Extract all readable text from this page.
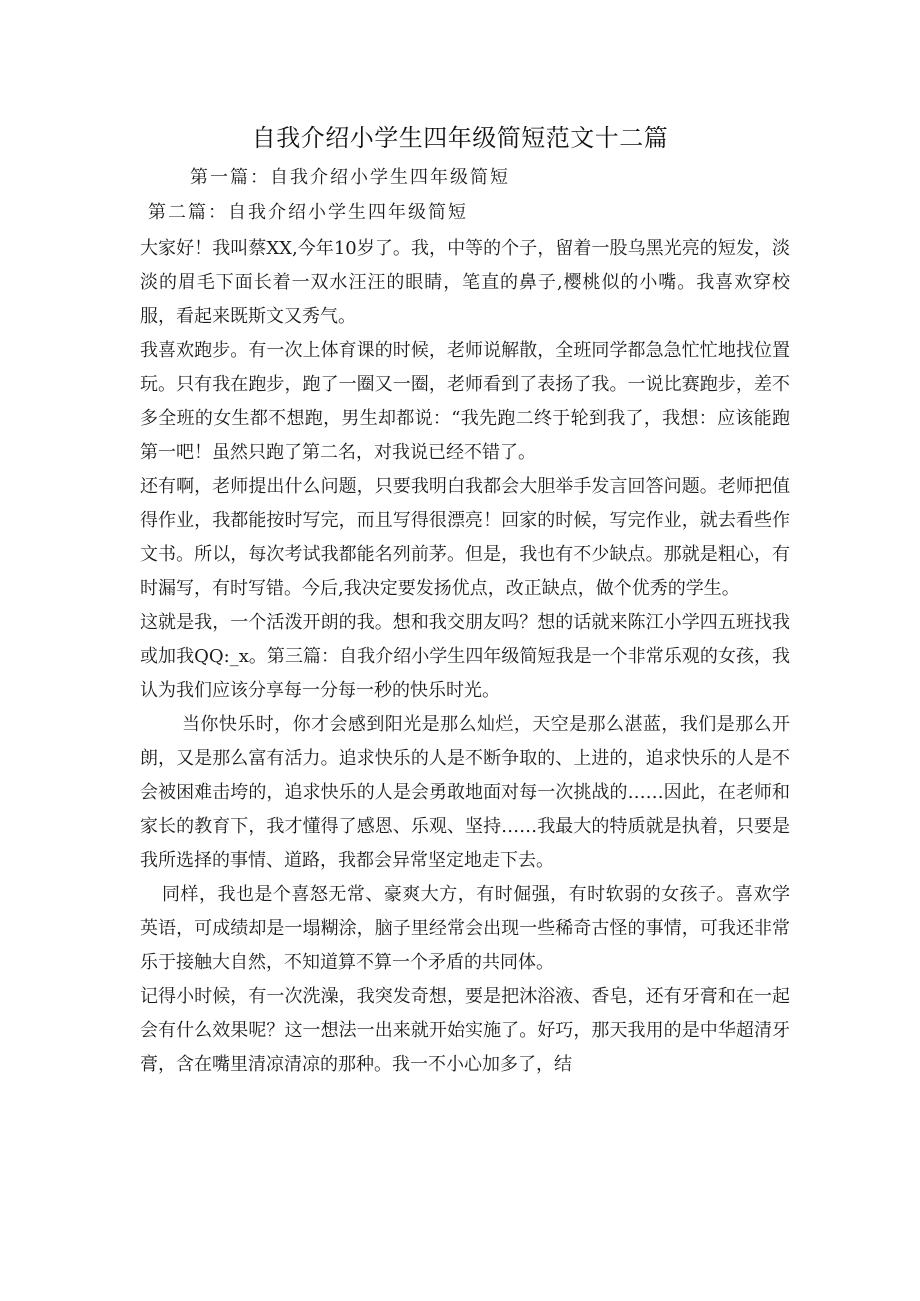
自我介绍小学生四年级简短范文十二篇
第一篇：自我介绍小学生四年级简短
第二篇：自我介绍小学生四年级简短

大家好！我叫蔡XX,今年10岁了。我，中等的个子，留着一股乌黑光亮的短发，淡淡的眉毛下面长着一双水汪汪的眼睛，笔直的鼻子,樱桃似的小嘴。我喜欢穿校服，看起来既斯文又秀气。

我喜欢跑步。有一次上体育课的时候，老师说解散，全班同学都急急忙忙地找位置玩。只有我在跑步，跑了一圈又一圈，老师看到了表扬了我。一说比赛跑步，差不多全班的女生都不想跑，男生却都说：“我先跑二终于轮到我了，我想：应该能跑第一吧！虽然只跑了第二名，对我说已经不错了。

还有啊，老师提出什么问题，只要我明白我都会大胆举手发言回答问题。老师把值得作业，我都能按时写完，而且写得很漂亮！回家的时候，写完作业，就去看些作文书。所以，每次考试我都能名列前茅。但是，我也有不少缺点。那就是粗心，有时漏写，有时写错。今后,我决定要发扬优点，改正缺点，做个优秀的学生。

这就是我，一个活泼开朗的我。想和我交朋友吗？想的话就来陈江小学四五班找我或加我QQ:_x。第三篇：自我介绍小学生四年级简短我是一个非常乐观的女孩，我认为我们应该分享每一分每一秒的快乐时光。

当你快乐时，你才会感到阳光是那么灿烂，天空是那么湛蓝，我们是那么开朗，又是那么富有活力。追求快乐的人是不断争取的、上进的，追求快乐的人是不会被困难击垮的，追求快乐的人是会勇敢地面对每一次挑战的……因此，在老师和家长的教育下，我才懂得了感恩、乐观、坚持……我最大的特质就是执着，只要是我所选择的事情、道路，我都会异常坚定地走下去。

同样，我也是个喜怒无常、豪爽大方，有时倔强，有时软弱的女孩子。喜欢学英语，可成绩却是一塌糊涂，脑子里经常会出现一些稀奇古怪的事情，可我还非常乐于接触大自然，不知道算不算一个矛盾的共同体。

记得小时候，有一次洗澡，我突发奇想，要是把沐浴液、香皂，还有牙膏和在一起会有什么效果呢？这一想法一出来就开始实施了。好巧，那天我用的是中华超清牙膏，含在嘴里清凉清凉的那种。我一不小心加多了，结
